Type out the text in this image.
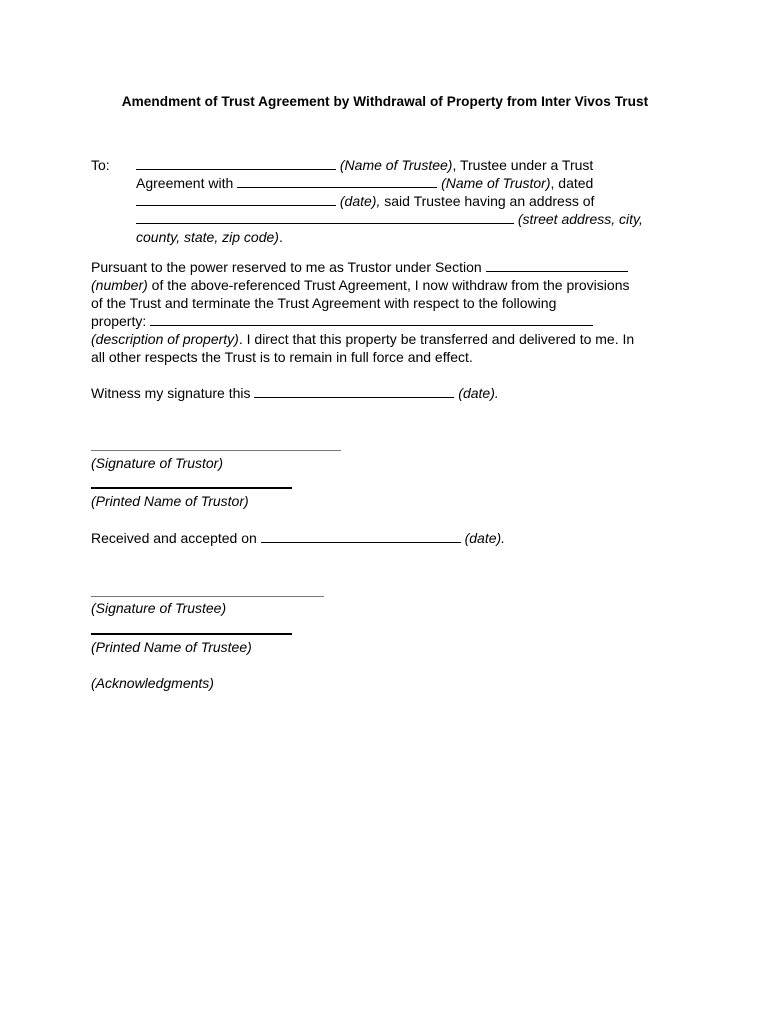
Amendment of Trust Agreement by Withdrawal of Property from Inter Vivos Trust
To:	(Name of Trustee), Trustee under a Trust
Agreement with	(Name of Trustor), dated
(date), said Trustee having an address of
(street address, city,
county, state, zip code).
Pursuant to the power reserved to me as Trustor under Section
(number) of the above-referenced Trust Agreement, I now withdraw from the provisions
of the Trust and terminate the Trust Agreement with respect to the following
property:
(description of property). I direct that this property be transferred and delivered to me. In
all other respects the Trust is to remain in full force and effect.
Witness my signature this	(date).
(Signature of Trustor)
(Printed Name of Trustor)
Received and accepted on	(date).
(Signature of Trustee)
(Printed Name of Trustee)
(Acknowledgments)
